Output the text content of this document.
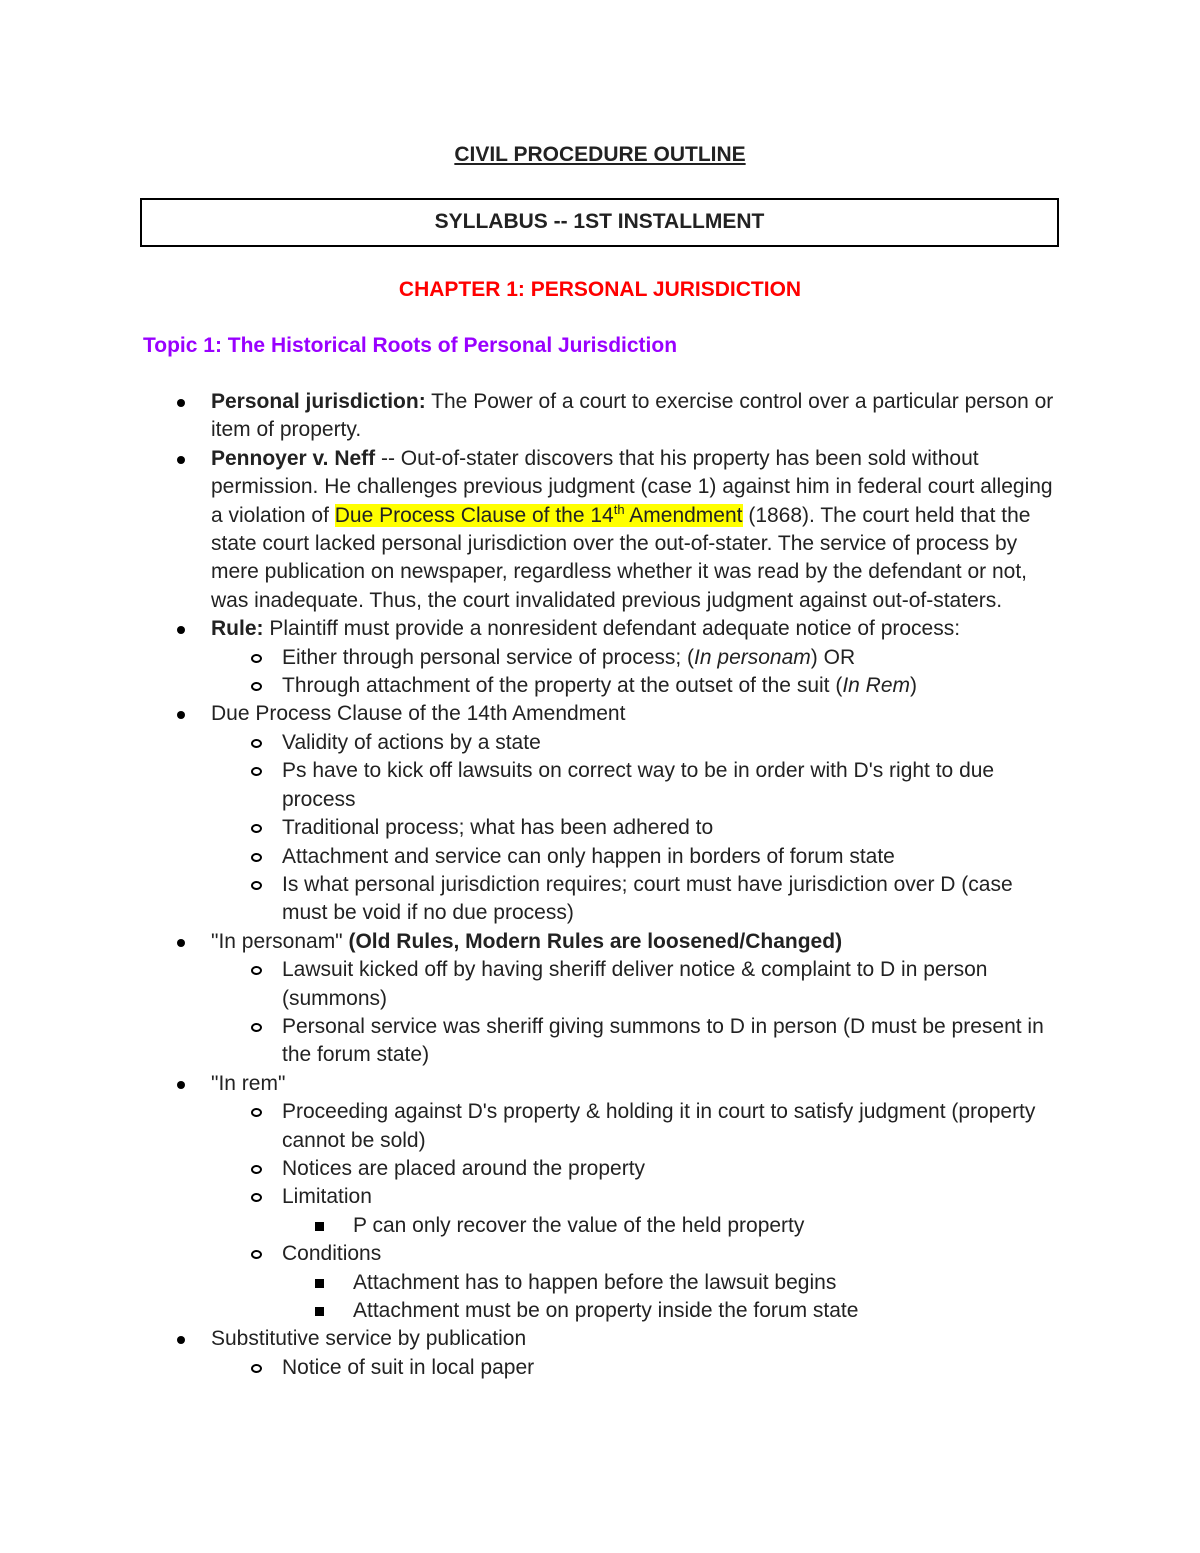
CIVIL PROCEDURE OUTLINE
SYLLABUS -- 1ST INSTALLMENT
CHAPTER 1: PERSONAL JURISDICTION
Topic 1: The Historical Roots of Personal Jurisdiction
Personal jurisdiction: The Power of a court to exercise control over a particular person or item of property.
Pennoyer v. Neff -- Out-of-stater discovers that his property has been sold without permission. He challenges previous judgment (case 1) against him in federal court alleging a violation of Due Process Clause of the 14th Amendment (1868). The court held that the state court lacked personal jurisdiction over the out-of-stater. The service of process by mere publication on newspaper, regardless whether it was read by the defendant or not, was inadequate. Thus, the court invalidated previous judgment against out-of-staters.
Rule: Plaintiff must provide a nonresident defendant adequate notice of process:
Either through personal service of process; (In personam) OR
Through attachment of the property at the outset of the suit (In Rem)
Due Process Clause of the 14th Amendment
Validity of actions by a state
Ps have to kick off lawsuits on correct way to be in order with D's right to due process
Traditional process; what has been adhered to
Attachment and service can only happen in borders of forum state
Is what personal jurisdiction requires; court must have jurisdiction over D (case must be void if no due process)
"In personam" (Old Rules, Modern Rules are loosened/Changed)
Lawsuit kicked off by having sheriff deliver notice & complaint to D in person (summons)
Personal service was sheriff giving summons to D in person (D must be present in the forum state)
"In rem"
Proceeding against D's property & holding it in court to satisfy judgment (property cannot be sold)
Notices are placed around the property
Limitation
P can only recover the value of the held property
Conditions
Attachment has to happen before the lawsuit begins
Attachment must be on property inside the forum state
Substitutive service by publication
Notice of suit in local paper
